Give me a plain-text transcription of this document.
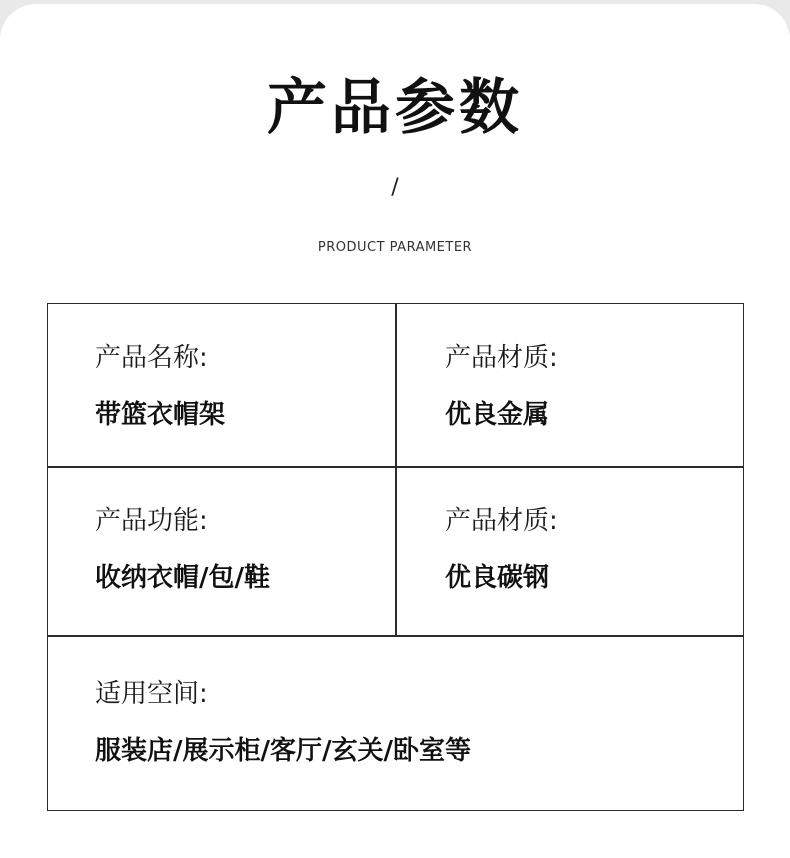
产品参数
/
PRODUCT PARAMETER
产品名称:
带篮衣帽架
产品材质:
优良金属
产品功能:
收纳衣帽/包/鞋
产品材质:
优良碳钢
适用空间:
服装店/展示柜/客厅/玄关/卧室等
